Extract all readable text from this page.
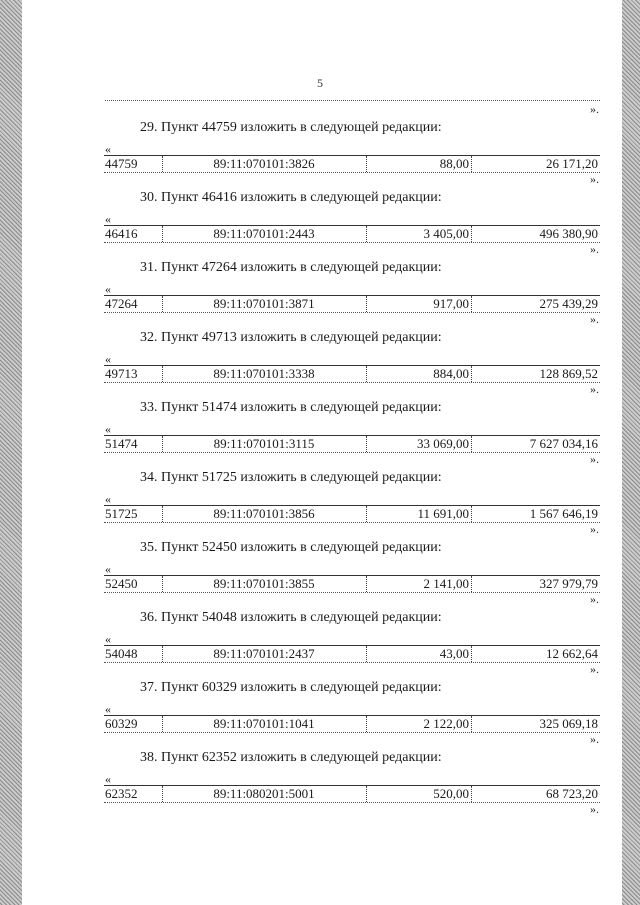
5
».
29. Пункт 44759 изложить в следующей редакции:
«
44759	89:11:070101:3826	88,00	26 171,20
».
30. Пункт 46416 изложить в следующей редакции:
«
46416	89:11:070101:2443	3 405,00	496 380,90
».
31. Пункт 47264 изложить в следующей редакции:
«
47264	89:11:070101:3871	917,00	275 439,29
».
32. Пункт 49713 изложить в следующей редакции:
«
49713	89:11:070101:3338	884,00	128 869,52
».
33. Пункт 51474 изложить в следующей редакции:
«
51474	89:11:070101:3115	33 069,00	7 627 034,16
».
34. Пункт 51725 изложить в следующей редакции:
«
51725	89:11:070101:3856	11 691,00	1 567 646,19
».
35. Пункт 52450 изложить в следующей редакции:
«
52450	89:11:070101:3855	2 141,00	327 979,79
».
36. Пункт 54048 изложить в следующей редакции:
«
54048	89:11:070101:2437	43,00	12 662,64
».
37. Пункт 60329 изложить в следующей редакции:
«
60329	89:11:070101:1041	2 122,00	325 069,18
».
38. Пункт 62352 изложить в следующей редакции:
«
62352	89:11:080201:5001	520,00	68 723,20
».
